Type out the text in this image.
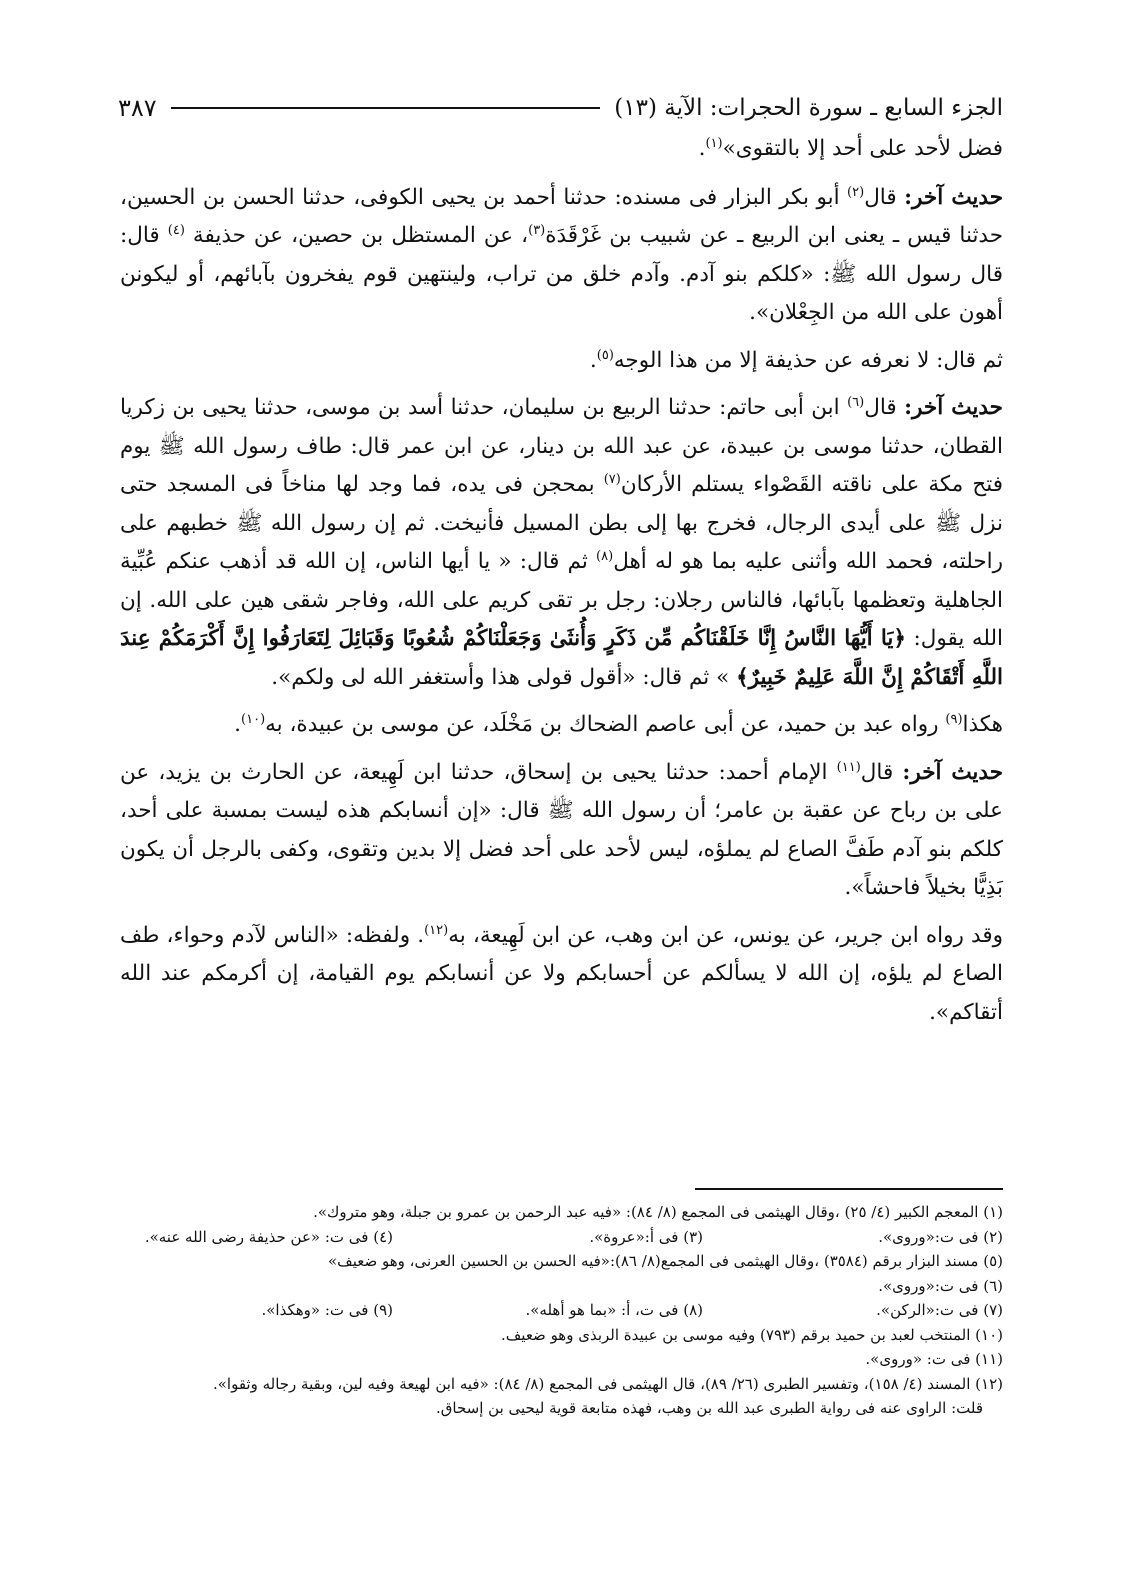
الجزء السابع ـ سورة الحجرات: الآية (١٣)
٣٨٧

فضل لأحد على أحد إلا بالتقوى»$^{(١)}$.

حديث آخر: قال$^{(٢)}$ أبو بكر البزار فى مسنده: حدثنا أحمد بن يحيى الكوفى، حدثنا الحسن بن الحسين، حدثنا قيس ـ يعنى ابن الربيع ـ عن شبيب بن غَرْقَدَة$^{(٣)}$، عن المستظل بن حصين، عن حذيفة $^{(٤)}$ قال: قال رسول الله ﷺ: «كلكم بنو آدم. وآدم خلق من تراب، ولينتهين قوم يفخرون بآبائهم، أو ليكونن أهون على الله من الجِعْلان».

ثم قال: لا نعرفه عن حذيفة إلا من هذا الوجه$^{(٥)}$.

حديث آخر: قال$^{(٦)}$ ابن أبى حاتم: حدثنا الربيع بن سليمان، حدثنا أسد بن موسى، حدثنا يحيى بن زكريا القطان، حدثنا موسى بن عبيدة، عن عبد الله بن دينار، عن ابن عمر قال: طاف رسول الله ﷺ يوم فتح مكة على ناقته القَصْواء يستلم الأركان$^{(٧)}$ بمحجن فى يده، فما وجد لها مناخاً فى المسجد حتى نزل ﷺ على أيدى الرجال، فخرج بها إلى بطن المسيل فأنيخت. ثم إن رسول الله ﷺ خطبهم على راحلته، فحمد الله وأثنى عليه بما هو له أهل$^{(٨)}$ ثم قال: « يا أيها الناس، إن الله قد أذهب عنكم عُبِّية الجاهلية وتعظمها بآبائها، فالناس رجلان: رجل بر تقى كريم على الله، وفاجر شقى هين على الله. إن الله يقول: ﴿يَا أَيُّهَا النَّاسُ إِنَّا خَلَقْنَاكُم مِّن ذَكَرٍ وَأُنثَىٰ وَجَعَلْنَاكُمْ شُعُوبًا وَقَبَائِلَ لِتَعَارَفُوا إِنَّ أَكْرَمَكُمْ عِندَ اللَّهِ أَتْقَاكُمْ إِنَّ اللَّهَ عَلِيمٌ خَبِيرٌ﴾ » ثم قال: «أقول قولى هذا وأستغفر الله لى ولكم».

هكذا$^{(٩)}$ رواه عبد بن حميد، عن أبى عاصم الضحاك بن مَخْلَد، عن موسى بن عبيدة، به$^{(١٠)}$.

حديث آخر: قال$^{(١١)}$ الإمام أحمد: حدثنا يحيى بن إسحاق، حدثنا ابن لَهِيعة، عن الحارث بن يزيد، عن على بن رباح عن عقبة بن عامر؛ أن رسول الله ﷺ قال: «إن أنسابكم هذه ليست بمسبة على أحد، كلكم بنو آدم طَفَّ الصاع لم يملؤه، ليس لأحد على أحد فضل إلا بدين وتقوى، وكفى بالرجل أن يكون بَذِيًّا بخيلاً فاحشاً».

وقد رواه ابن جرير، عن يونس، عن ابن وهب، عن ابن لَهِيعة، به$^{(١٢)}$. ولفظه: «الناس لآدم وحواء، طف الصاع لم يلؤه، إن الله لا يسألكم عن أحسابكم ولا عن أنسابكم يوم القيامة، إن أكرمكم عند الله أتقاكم».

(١) المعجم الكبير (٤/ ٢٥) ،وقال الهيثمى فى المجمع (٨/ ٨٤): «فيه عبد الرحمن بن عمرو بن جبلة، وهو متروك».
(٢) فى ت:«وروى».
(٣) فى أ:«عروة».
(٤) فى ت: «عن حذيفة رضى الله عنه».
(٥) مسند البزار برقم (٣٥٨٤) ،وقال الهيثمى فى المجمع(٨/ ٨٦):«فيه الحسن بن الحسين العرنى، وهو ضعيف»
(٦) فى ت:«وروى».
(٧) فى ت:«الركن».
(٨) فى ت، أ: «بما هو أهله».
(٩) فى ت: «وهكذا».
(١٠) المنتخب لعبد بن حميد برقم (٧٩٣) وفيه موسى بن عبيدة الربذى وهو ضعيف.
(١١) فى ت: «وروى».
(١٢) المسند (٤/ ١٥٨)، وتفسير الطبرى (٢٦/ ٨٩)، قال الهيثمى فى المجمع (٨/ ٨٤): «فيه ابن لهيعة وفيه لين، وبقية رجاله وثقوا».
قلت: الراوى عنه فى رواية الطبرى عبد الله بن وهب، فهذه متابعة قوية ليحيى بن إسحاق.
